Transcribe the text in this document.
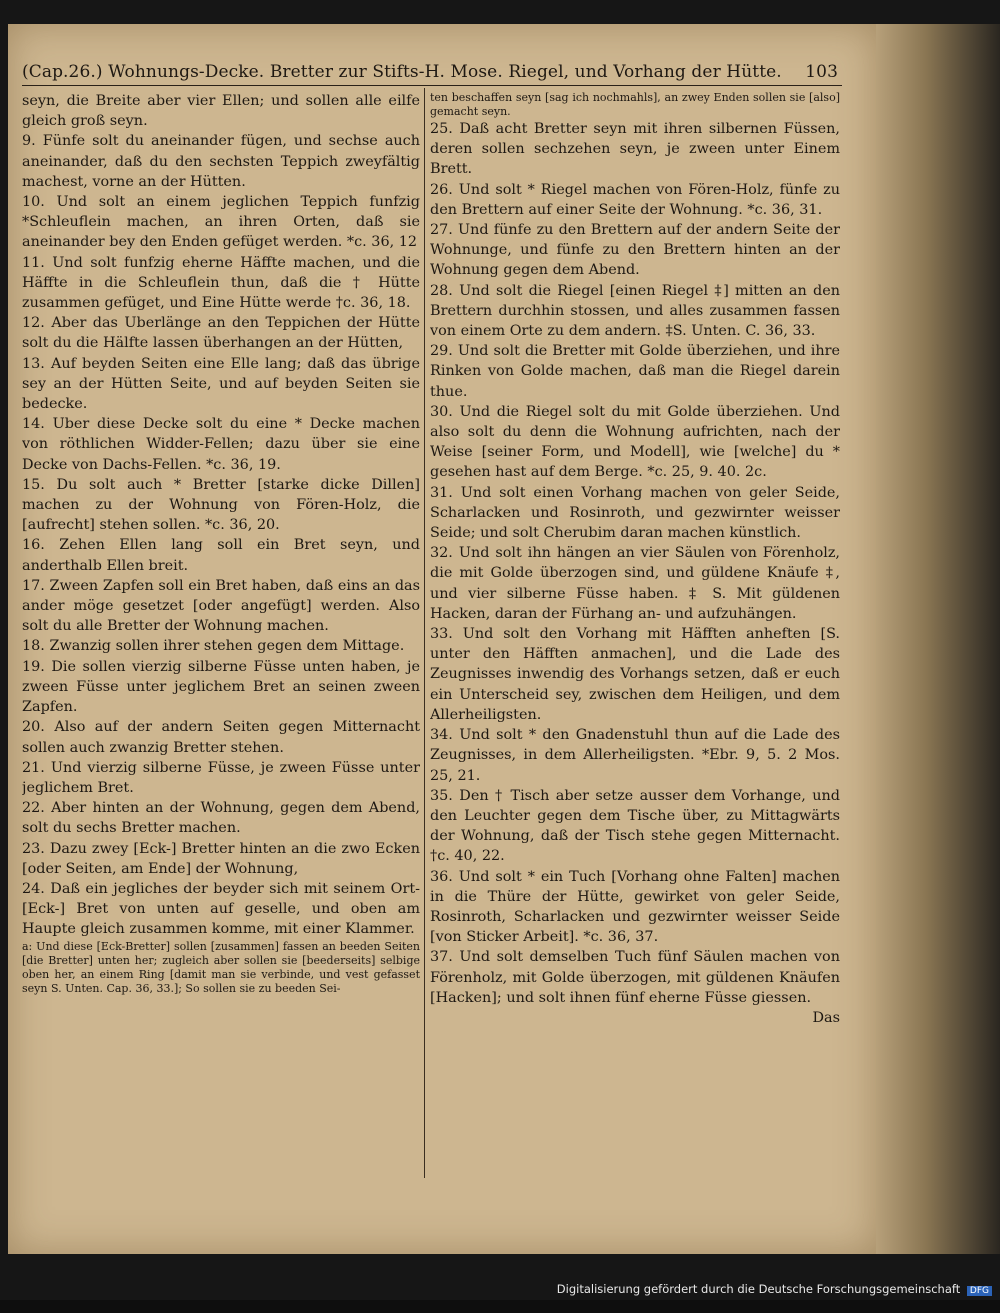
(Cap.26.) Wohnungs-Decke. Bretter zur Stifts-H. Mose. Riegel, und Vorhang der Hütte. 103

seyn, die Breite aber vier Ellen; und sollen alle eilfe gleich groß seyn.

9. Fünfe solt du aneinander fügen, und sechse auch aneinander, daß du den sechsten Teppich zweyfältig machest, vorne an der Hütten.

10. Und solt an einem jeglichen Teppich funfzig *Schleuflein machen, an ihren Orten, daß sie aneinander bey den Enden gefüget werden. *c. 36, 12

11. Und solt funfzig eherne Häffte machen, und die Häffte in die Schleuflein thun, daß die † Hütte zusammen gefüget, und Eine Hütte werde †c. 36, 18.

12. Aber das Uberlänge an den Teppichen der Hütte solt du die Hälfte lassen überhangen an der Hütten,

13. Auf beyden Seiten eine Elle lang; daß das übrige sey an der Hütten Seite, und auf beyden Seiten sie bedecke.

14. Uber diese Decke solt du eine * Decke machen von röthlichen Widder-Fellen; dazu über sie eine Decke von Dachs-Fellen. *c. 36, 19.

15. Du solt auch * Bretter [starke dicke Dillen] machen zu der Wohnung von Fören-Holz, die [aufrecht] stehen sollen. *c. 36, 20.

16. Zehen Ellen lang soll ein Bret seyn, und anderthalb Ellen breit.

17. Zween Zapfen soll ein Bret haben, daß eins an das ander möge gesetzet [oder angefügt] werden. Also solt du alle Bretter der Wohnung machen.

18. Zwanzig sollen ihrer stehen gegen dem Mittage.

19. Die sollen vierzig silberne Füsse unten haben, je zween Füsse unter jeglichem Bret an seinen zween Zapfen.

20. Also auf der andern Seiten gegen Mitternacht sollen auch zwanzig Bretter stehen.

21. Und vierzig silberne Füsse, je zween Füsse unter jeglichem Bret.

22. Aber hinten an der Wohnung, gegen dem Abend, solt du sechs Bretter machen.

23. Dazu zwey [Eck-] Bretter hinten an die zwo Ecken [oder Seiten, am Ende] der Wohnung,

24. Daß ein jegliches der beyder sich mit seinem Ort-[Eck-] Bret von unten auf geselle, und oben am Haupte gleich zusammen komme, mit einer Klammer.

a: Und diese [Eck-Bretter] sollen [zusammen] fassen an beeden Seiten [die Bretter] unten her; zugleich aber sollen sie [beederseits] selbige oben her, an einem Ring [damit man sie verbinde, und vest gefasset seyn S. Unten. Cap. 36, 33.]; So sollen sie zu beeden Sei-

ten beschaffen seyn [sag ich nochmahls], an zwey Enden sollen sie [also] gemacht seyn.

25. Daß acht Bretter seyn mit ihren silbernen Füssen, deren sollen sechzehen seyn, je zween unter Einem Brett.

26. Und solt * Riegel machen von Fören-Holz, fünfe zu den Brettern auf einer Seite der Wohnung. *c. 36, 31.

27. Und fünfe zu den Brettern auf der andern Seite der Wohnunge, und fünfe zu den Brettern hinten an der Wohnung gegen dem Abend.

28. Und solt die Riegel [einen Riegel ‡] mitten an den Brettern durchhin stossen, und alles zusammen fassen von einem Orte zu dem andern. ‡S. Unten. C. 36, 33.

29. Und solt die Bretter mit Golde überziehen, und ihre Rinken von Golde machen, daß man die Riegel darein thue.

30. Und die Riegel solt du mit Golde überziehen. Und also solt du denn die Wohnung aufrichten, nach der Weise [seiner Form, und Modell], wie [welche] du * gesehen hast auf dem Berge. *c. 25, 9. 40. 2c.

31. Und solt einen Vorhang machen von geler Seide, Scharlacken und Rosinroth, und gezwirnter weisser Seide; und solt Cherubim daran machen künstlich.

32. Und solt ihn hängen an vier Säulen von Förenholz, die mit Golde überzogen sind, und güldene Knäufe ‡, und vier silberne Füsse haben. ‡ S. Mit güldenen Hacken, daran der Fürhang an- und aufzuhängen.

33. Und solt den Vorhang mit Häfften anheften [S. unter den Häfften anmachen], und die Lade des Zeugnisses inwendig des Vorhangs setzen, daß er euch ein Unterscheid sey, zwischen dem Heiligen, und dem Allerheiligsten.

34. Und solt * den Gnadenstuhl thun auf die Lade des Zeugnisses, in dem Allerheiligsten. *Ebr. 9, 5. 2 Mos. 25, 21.

35. Den † Tisch aber setze ausser dem Vorhange, und den Leuchter gegen dem Tische über, zu Mittagwärts der Wohnung, daß der Tisch stehe gegen Mitternacht. †c. 40, 22.

36. Und solt * ein Tuch [Vorhang ohne Falten] machen in die Thüre der Hütte, gewirket von geler Seide, Rosinroth, Scharlacken und gezwirnter weisser Seide [von Sticker Arbeit]. *c. 36, 37.

37. Und solt demselben Tuch fünf Säulen machen von Förenholz, mit Golde überzogen, mit güldenen Knäufen [Hacken]; und solt ihnen fünf eherne Füsse giessen.

Das
Digitalisierung gefördert durch die Deutsche Forschungsgemeinschaft DFG
